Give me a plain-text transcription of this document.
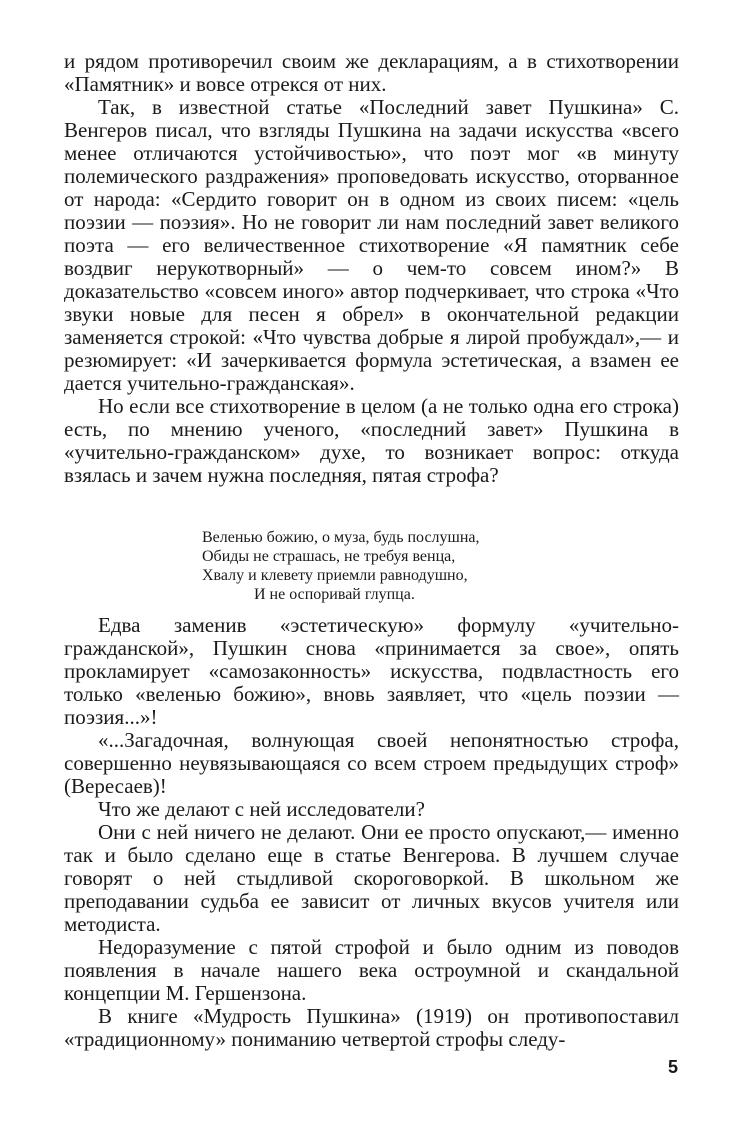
и рядом противоречил своим же декларациям, а в стихотворении «Памятник» и вовсе отрекся от них.

Так, в известной статье «Последний завет Пушкина» С. Венгеров писал, что взгляды Пушкина на задачи искусства «всего менее отличаются устойчивостью», что поэт мог «в минуту полемического раздражения» проповедовать искусство, оторванное от народа: «Сердито говорит он в одном из своих писем: «цель поэзии — поэзия». Но не говорит ли нам последний завет великого поэта — его величественное стихотворение «Я памятник себе воздвиг нерукотворный» — о чем-то совсем ином?» В доказательство «совсем иного» автор подчеркивает, что строка «Что звуки новые для песен я обрел» в окончательной редакции заменяется строкой: «Что чувства добрые я лирой пробуждал»,— и резюмирует: «И зачеркивается формула эстетическая, а взамен ее дается учительно-гражданская».

Но если все стихотворение в целом (а не только одна его строка) есть, по мнению ученого, «последний завет» Пушкина в «учительно-гражданском» духе, то возникает вопрос: откуда взялась и зачем нужна последняя, пятая строфа?

Веленью божию, о муза, будь послушна,
Обиды не страшась, не требуя венца,
Хвалу и клевету приемли равнодушно,
И не оспоривай глупца.

Едва заменив «эстетическую» формулу «учительно-гражданской», Пушкин снова «принимается за свое», опять прокламирует «самозаконность» искусства, подвластность его только «веленью божию», вновь заявляет, что «цель поэзии — поэзия...»!

«...Загадочная, волнующая своей непонятностью строфа, совершенно неувязывающаяся со всем строем предыдущих строф» (Вересаев)!

Что же делают с ней исследователи?

Они с ней ничего не делают. Они ее просто опускают,— именно так и было сделано еще в статье Венгерова. В лучшем случае говорят о ней стыдливой скороговоркой. В школьном же преподавании судьба ее зависит от личных вкусов учителя или методиста.

Недоразумение с пятой строфой и было одним из поводов появления в начале нашего века остроумной и скандальной концепции М. Гершензона.

В книге «Мудрость Пушкина» (1919) он противопоставил «традиционному» пониманию четвертой строфы следу-

5
